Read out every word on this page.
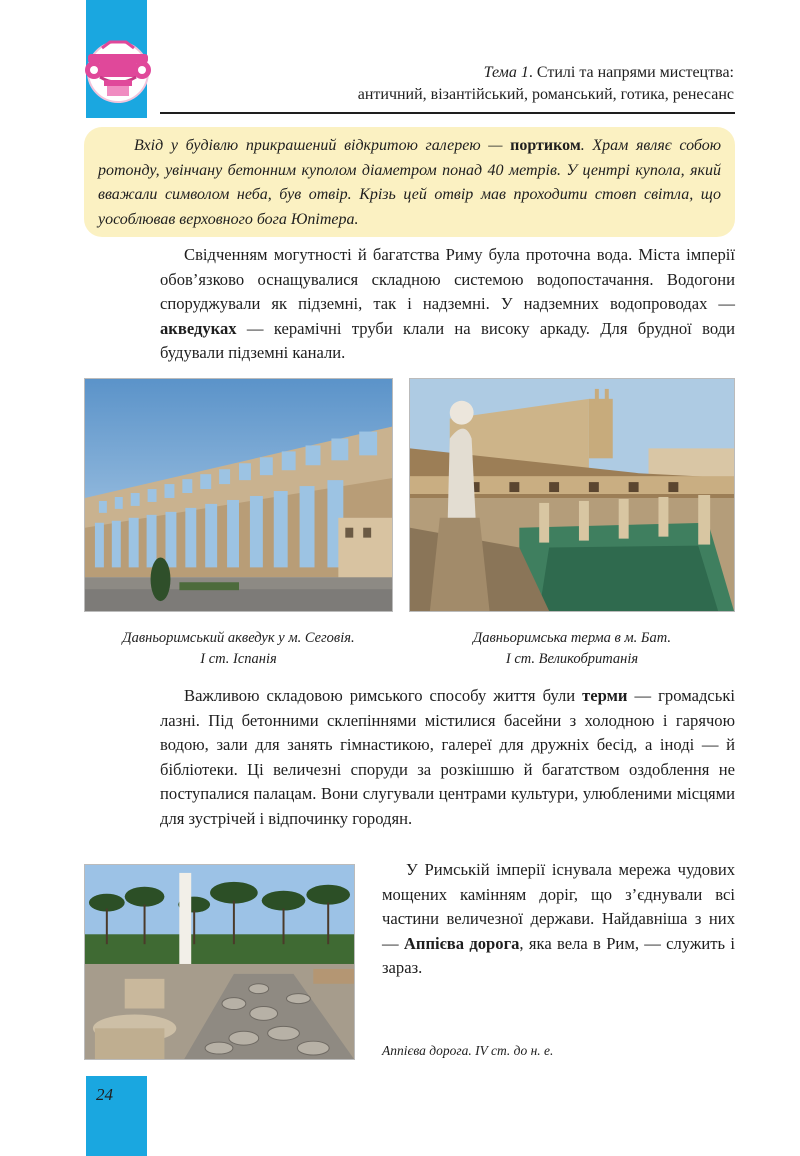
Тема 1. Стилі та напрями мистецтва:
античний, візантійський, романський, готика, ренесанс
Вхід у будівлю прикрашений відкритою галерею — портиком. Храм являє собою ротонду, увінчану бетонним куполом діаметром понад 40 метрів. У центрі купола, який вважали символом неба, був отвір. Крізь цей отвір мав проходити стовп світла, що уособлював верховного бога Юпітера.
Свідченням могутності й багатства Риму була проточна вода. Міста імперії обов’язково оснащувалися складною системою водопостачання. Водогони споруджували як підземні, так і надземні. У надземних водопроводах — акведуках — керамічні труби клали на високу аркаду. Для брудної води будували підземні канали.
Давньоримський акведук у м. Сеговія.
І ст. Іспанія
Давньоримська терма в м. Бат.
І ст. Великобританія
Важливою складовою римського способу життя були терми — громадські лазні. Під бетонними склепіннями містилися басейни з холодною і гарячою водою, зали для занять гімнастикою, галереї для дружніх бесід, а іноді — й бібліотеки. Ці величезні споруди за розкішшю й багатством оздоблення не поступалися палацам. Вони слугували центрами культури, улюбленими місцями для зустрічей і відпочинку городян.
У Римській імперії існувала мережа чудових мощених камінням доріг, що з’єднували всі частини величезної держави. Найдавніша з них — Аппієва дорога, яка вела в Рим, — служить і зараз.
Аппієва дорога. IV ст. до н. е.
24
